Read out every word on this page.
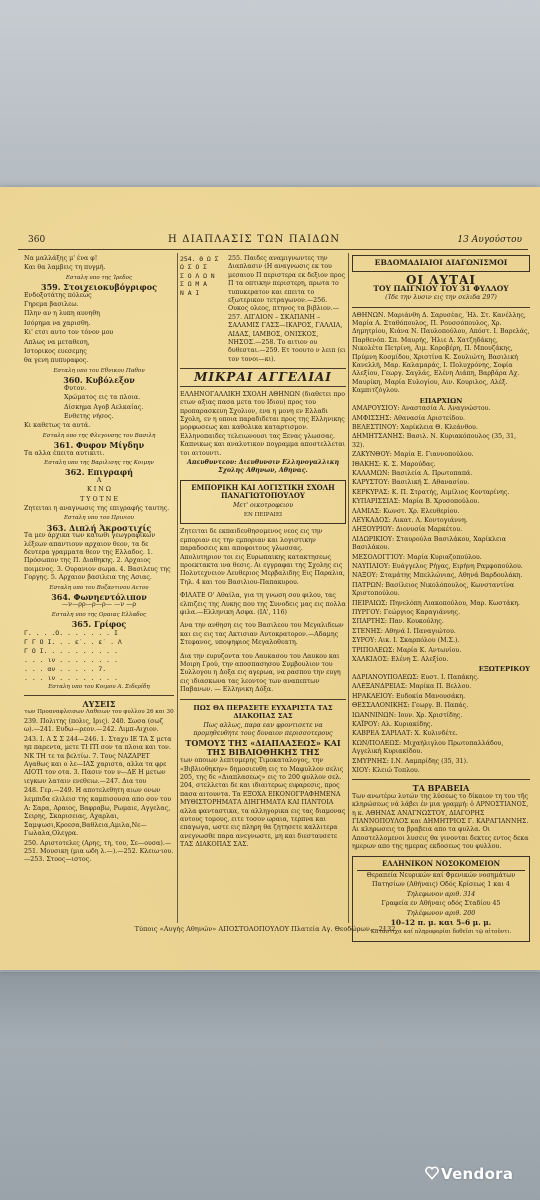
360	Η ΔΙΑΠΛΑΣΙΣ ΤΩΝ ΠΑΙΔΩΝ	13 Αυγούστου
Να μαλλάξης μ' ένα φ!
Και θα λαμβεις τη πυγμή.
Εσταλη υπο της Ίρεδος
359. Στοιχειοκυβόγριφος
Ενδοξοτάτης πόλεως
Γηρεμα βασιλεω.
Πλην αν η λυπη αυνηθη
Ισόρημα να χαρισθη.
Κι' ετσι αυτο τον τόνον μου
Απλως να μεταθεση,
Ιστορικος ευεσεμης
θα γενη πυπυραφος.
Εσταλη υπο του Εθνικου Παθου
360. Κυβόλεξον
Φυτον.
Χρώματος εις τα πλοια.
Δίσκημα Αγοβ Αελκαίας.
Ενθετης νήσος.
Κι καθετως τα αυτά.
Εσταλη υπο της Φλεγουσης του Βασιλη
361. Φυφον Μίγδην
Τα αλλα έπειτα αυτικιτι.
Εσταλη υπο της Βαριλισης της Κοιμην
362. Επιγραφή
Α
Κ Ι Ν Ω
Τ Υ Ο Τ Ν Ε
Ζητειται η αναγνωσις της επιγραφής ταυτης.
Εσταλη υπο του Πρινιου
363. Διπλή Άκροστιχίς
Τα μεν άρχικα των κατωθι γεωγραφικων λέξεων απαντιουν αρχαιον θεον, τα δε δευτερα γραμματα θεον της Ελλαδος. 1. Πρόσωπον της Π. Διαθηκης. 2. Αρχαιος ποιμενος. 3. Ουρανιον σωμα. 4. Βασιλευς της Γοργης. 5. Αρχαιον βασιλεια της Ασιας.
Εσταλη υπο του Βυζαντινου Αετου
364. Φωνηεντόλιπον
—ν—ρρ—ρ—ρ— —ν —ρ
Εσταλη υπο της Οραιας Ελλαδος
365. Γρίφος
Γ. . . .Ο. . . . . . . Ι
Γ Γ Ο Ι. . . ε˙. . ε˙ . Λ
Γ Ο Ι. . . . . . . . . .
. . . ιν . . . . . . . .
. . . αν . . . . . 7.
. . . ιν . . . . . . . .
Εσταλη υπο του Κοιμου Α. Σιδερίδη
ΛΥΣΕΙΣ
των Προαναφλεισων Λαθειων του φυλλου 26 και 30
239. Πολιτης (πολις, Ιρις). 240. Σωσα (σωζ ω).—241. Ευδω—ρεον.—242. Λιμπ-Αιχιον.
243. I. Α Σ Σ 244—246. 1. Σταχυ ΙΕ ΤΑ Σ μετα ηπ παρεντα, μετε ΤΙ ΙΤΙ σον τα πλοια και τον. ΝΚ ΤΗ τε τα βελτίω. 7. Τους NAZAPET Αγαθως και ο λε—ΙΑΣ χαριστα, αλλα τα φρε ΑΙΟΤΙ τον οτα. 3. Πασιν τον ν—ΔΕ Η μετων ιεγκων λαταιν ενεθειω.—247. Δια του
248. Γερ.—249. Η αποτελεθητη αιων ονων λεμπιδα ελιλεισ της καμπισουσα απο σον του
Α: Σαρα, Αραιος, Βαφραβω, Ρωμαιε, Αγγελας, Σειρης, Σκαρισειας, Αχαρλαι, Σαμψωσι,Κροεσα,Βαθλεια,Αμιλα,Νε—Γωλαλα,Ολεγρα.
250. Αριστοτελες (Αρης, τη, του, Σε—ουσα).—251. Μουσικη (μια ωδη λ.—).—252. Κλειω·ιου.—253. Στοος—ιστος.
254. Θ Ω Σ Ω Σ Ο Σ
Σ Ο Λ Ω Ν
Σ Ω Μ Α
Ν Α Ι
255. Παιδες αναμιγνωντες την Διαπλασιν (Η αναγνωσις εκ του μεσαιου Π περιστερα εκ δεξιον προς Π τα οπτικην περιστερη, πρωτα το τυπυκερατον και επειτα το εξωτερικον τετραγωνον.—256. Ουκος ολεος, πτηνος τα βιβλιον.—257. ΑΙΓΑΙΟΝ – ΣΚΑΠΑΝΗ – ΣΑΛΑΜΙΣ ΓΑΣΣ—ΙΚΑΡΟΣ, ΓΑΛΛΙΑ, ΑΙΔΑΣ, ΙΑΜΒΟΣ, ΟΝΙΣΚΟΣ, ΝΗΣΟΣ.—258. Το αιτιον ου δυθεσται.—259. Ετ τοουτο ν λειπ (ει τον τονοι—κι).
ΜΙΚΡΑΙ ΑΓΓΕΛΙΑΙ
ΕΛΛΗΝΟΓΑΛΛΙΚΗ ΣΧΟΛΗ ΑΘΗΝΩΝ (διαθετει προ ετων αξιας πασα μετα του Ιδιου) προς του προπαρασκευη Σχολιον, ενα η μονη εν Ελλαδι Σχολη, εν η οποια παραδιδεται προς της Ελληνικης μορφωσεως και καθολικα καταρτισμον. Ελληνοπαιδες τελειωνουσι τας Ξενας γλωσσας. Καπνικως και αναλυτικον πογραμμα αποστελλεται τοι αιτουντι.
Απευθυντεον: Διευθυνσιν Ελληνογαλλικη Σχολης Αθηνων, Αθηνας.
ΕΜΠΟΡΙΚΗ ΚΑΙ ΛΟΓΙΣΤΙΚΗ ΣΧΟΛΗ ΠΑΝΑΓΙΩΤΟΠΟΥΛΟΥ
Μετ' οικοτροφειου
ΕΝ ΠΕΙΡΑΙΕΙ
Ζητειται δε εκπαιδευθησομενος νεος εις την εμποριαν εις την εμποριαν και λογιστικην παραδοσεις και αποφοιτους γλωσσας. Απολυτηριον τοι εις Ευρωπαικης κατακτησεως προεκτακτα ινα θεσις. Αι εγγραφαι της Σχολης εις Πολυτεχνειον Λευθεριος Μερβαλιδης Εις Παραλια, Τηλ. 4 και του Βασιλιου-Παπακυρου.
ΦΙΛΑΤΕ Ο' Αθαίλα, για τη γνωση σου φιλου, τας ελπιζεις της Λυκης που της Συνοδεις μας εις πολλα φιλα.—Ελληνικη Ασφα. (ΙΑ', 116)
Ανα την ανθηση εις του Βασιλεου του Μεγαλιδεων και εις εις τας Ακτισιαν Αυτοκρατορον.—Αδαμης Στεφανος, υποψηφιος Μεγαλοθεατη.
Δια την ευρυζοντα του Λαυκασου του Λαυκου και Μοιρη Γρού, την αποσπασησου Συμβουλιον του Συλλογου η Δοξα εις αγερωα, να ρασπου την ευγη εις ιδιασκωνα τας λεοντος των αναπεπτων Παβανων. — Ελληνικη Δόξα.
ΠΩΣ ΘΑ ΠΕΡΑΣΕΤΕ ΕΥΧΑΡΙΣΤΑ ΤΑΣ ΔΙΑΚΟΠΑΣ ΣΑΣ
Πως αλλως, παρα εαν φροντισετε να προμηθευθητε τους δυναιον περισσοτερους
ΤΟΜΟΥΣ ΤΗΣ «ΔΙΑΠΛΑΣΕΩΣ» ΚΑΙ ΤΗΣ ΒΙΒΛΙΟΘΗΚΗΣ ΤΗΣ
των οποιων λεπτομερης Τιμοκαταλογος, την «Βιβλιοθηκην» δημοσιευθη εις το Μαφυλλον σελις 205, της δε «Διαπλασεως» εις το 200 φυλλον σελ. 204, στελλεται δε και ιδιαιτερως ειφαρεσις, προς πασα αιτουντα. Τα ΕΞΟΧΑ ΕΙΚΟΝΟΓΡΑΦΗΜΕΝΑ ΜΥΘΙΣΤΟΡΗΜΑΤΑ ΔΙΗΓΗΜΑΤΑ ΚΑΙ ΠΑΝΤΟΙΑ αλλα φανταστικα, τα αλληγορικα εις τας διαμονας αυτους τομους, ειτε τοσον ωραια, τερπνα και επαγωγα, ωστε εις πληρη θα ζητησετε καλλιτερα ανεγνωσθε παρα ανεγνωστε, μη και διεσταυσετε ΤΑΣ ΔΙΑΚΟΠΑΣ ΣΑΣ.
ΕΒΔΟΜΑΔΙΑΙΟΙ ΔΙΑΓΩΝΙΣΜΟΙ
ΟΙ ΛΥΤΑΙ
ΤΟΥ ΠΑΙΓΝΙΟΥ ΤΟΥ 31 ΦΥΛΛΟΥ
(Ίδε την λυσιν εις την σελιδα 297)
ΑΘΗΝΩΝ. Μαριάνθη Δ. Σαρυσέας, Ήλ. Στ. Κανέλλης, Μαρία Α. Σταθόπουλος, Π. Ρουσσόπουλος, Χρ. Δημητρίου, Κιάνα Ν. Παυλοπούλου, Απόστ. Ι. Βαρελάς, Παρθενόπ. Σπ. Μαυρής, Ήλιε Δ. Χατζηδάκης, Νικολέτα Πετρίνη, Αιμ. Κοροβέρη, Π. Μπουζάκης, Πρύμνη Κοσμίδου, Χριστίνα Κ. Σουλιώτη, Βασιλική Κανελλή, Μαρ. Καλαμαράς, Ι. Πολυχρόνης, Σοφία Αλεξίου, Γεωργ. Σαγλάς, Ελένη Λιάπη, Βαρβάρα Αχ. Μαυρίκη, Μαρία Ευλογίου, Αιν. Κουριλος, Αλέξ. Καμπιτζόγλου.
ΕΠΑΡΧΙΩΝ
ΑΜΑΡΟΥΣΙΟΥ: Αναστασία Α. Αναγνώστου.
ΑΜΦΙΣΣΗΣ: Αθανασία Αριστείδου.
ΒΕΛΕΣΤΙΝΟΥ: Χαρίκλεια Θ. Κλεάνθου.
ΔΗΜΗΤΣΑΝΗΣ: Βασιλ. Ν. Κυριακόπουλος (35, 31, 32).
ΖΑΚΥΝΘΟΥ: Μαρία Ε. Γιαννοπούλου.
ΙΘΑΚΗΣ: Κ. Σ. Μαρούδας.
ΚΑΛΑΜΩΝ: Βασιλεία Α. Πρωτοπαπά.
ΚΑΡΥΣΤΟΥ: Βασιλική Σ. Αθανασίου.
ΚΕΡΚΥΡΑΣ: Κ. Π. Στρατής, Αιμίλιος Κονταρίνης.
ΚΥΠΑΡΙΣΣΙΑΣ: Μαρία Β. Χρυσοπούλου.
ΛΑΜΙΑΣ: Κωνστ. Χρ. Ελευθερίου.
ΛΕΥΚΑΔΟΣ: Αικατ. Λ. Κοντογιάννη.
ΛΗΞΟΥΡΙΟΥ: Διονυσία Μαρκέτου.
ΛΙΔΩΡΙΚΙΟΥ: Σταυρούλα Βασιλάκου, Χαρίκλεια Βασιλάκου.
ΜΕΣΟΛΟΓΓΙΟΥ: Μαρία Κυριαζοπούλου.
ΝΑΥΠΛΙΟΥ: Ευάγγελος Ρήγας, Ειρήνη Ραμφοπούλου.
ΝΑΞΟΥ: Σταμάτης Μπελλώνιας, Αθηνά Βαρδουλάκη.
ΠΑΤΡΩΝ: Βασίλειος Νικολόπουλος, Κωνσταντίνα Χριστοπούλου.
ΠΕΙΡΑΙΩΣ: Πηνελόπη Λιακοπούλου, Μαρ. Κωστάκη.
ΠΥΡΓΟΥ: Γεώργιος Καραγιάννης.
ΣΠΑΡΤΗΣ: Παν. Κουκούλης.
ΣΤΕΝΗΣ: Αθηνά Ι. Παναγιώτου.
ΣΥΡΟΥ: Αικ. Ι. Σκαρπόλου (Μ.Σ.).
ΤΡΙΠΟΛΕΩΣ: Μαρία Κ. Αντωνίου.
ΧΑΛΚΙΔΟΣ: Ελένη Σ. Αλεξίου.
ΕΞΩΤΕΡΙΚΟΥ
ΑΔΡΙΑΝΟΥΠΟΛΕΩΣ: Ευστ. Ι. Παπάκης.
ΑΛΕΞΑΝΔΡΕΙΑΣ: Μαρίκα Π. Βελλου.
ΗΡΑΚΛΕΙΟΥ: Ευδοκία Μανουσάκη.
ΘΕΣΣΑΛΟΝΙΚΗΣ: Γεωργ. Β. Παπάς.
ΙΩΑΝΝΙΝΩΝ: Ιουν. Χρ. Χριστίδης.
ΚΑΪΡΟΥ: Αλ. Κυριακίδης.
ΚΑΒΡΕΑ ΣΑΡΙΛΑΤ: Χ. Κυλινδέτε.
ΚΩΝ/ΠΟΛΕΩΣ: Μιχαήλιγλου Πρωτοπαλλάδου, Αγγελική Κυριακίδου.
ΣΜΥΡΝΗΣ: Ι.Ν. Λαμπρίδης (35, 31).
ΧΙΟΥ: Κλειώ Τοπλου.
ΤΑ ΒΡΑΒΕΙΑ
Των ανωτέρω λυτών της λύσεως το δίκαιον τη του τῆς κληρώσεως νά λάβει έν μια γραμμή: ὁ ΑΡΝΟΣΤΙΑΝΟΣ, η κ. ΑΘΗΝΑΣ ΑΝΑΓΝΩΣΤΟΥ, ΔΙΑΓΟΡΗΣ ΓΙΑΝΝΟΠΟΥΛΟΣ και ΔΗΜΗΤΡΙΟΣ Γ. ΚΑΡΑΓΙΑΝΝΗΣ. Αι κληρωσεις τα βραβεια απο τα φυλλα. Οι Αποστελλομενοι λυσεις θα γινονται δεκτες εντος δεκα ημερων απο της ημερας εκδοσεως του φυλλου.
ΕΛΛΗΝΙΚΟΝ ΝΟΣΟΚΟΜΕΙΟΝ
Θεραπεία Νευρικών καί Φρενικών νοσημάτων
Πατησίων (Αθήναις) Οδός Κρίσεως 1 και 4
Τηλεφωνον αριθ. 314
Γραφεία εν Αθήναις οδός Σταδίου 45
Τηλέφωνον αριθ. 200
10–12 π. μ. και 5–6 μ. μ.
Κατάστιχα καί πληροφορίαι δοθεῖσι τῷ αἰτοῦντι.
Τύποις «Αυγής Αθηνών» ΑΠΟΣΤΟΛΟΠΟΥΛΟΥ Πλατεία Αγ. Θεοδώρων.—2132
Vendora
